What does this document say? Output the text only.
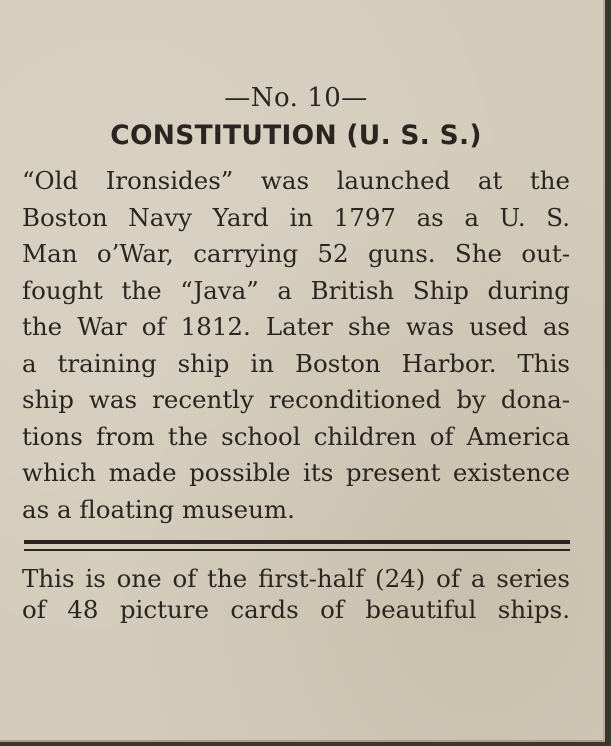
—No. 10—
CONSTITUTION (U. S. S.)
“Old Ironsides” was launched at the
Boston Navy Yard in 1797 as a U. S.
Man o’War, carrying 52 guns. She out-
fought the “Java” a British Ship during
the War of 1812. Later she was used as
a training ship in Boston Harbor. This
ship was recently reconditioned by dona-
tions from the school children of America
which made possible its present existence
as a floating museum.
This is one of the first-half (24) of a series
of 48 picture cards of beautiful ships.
